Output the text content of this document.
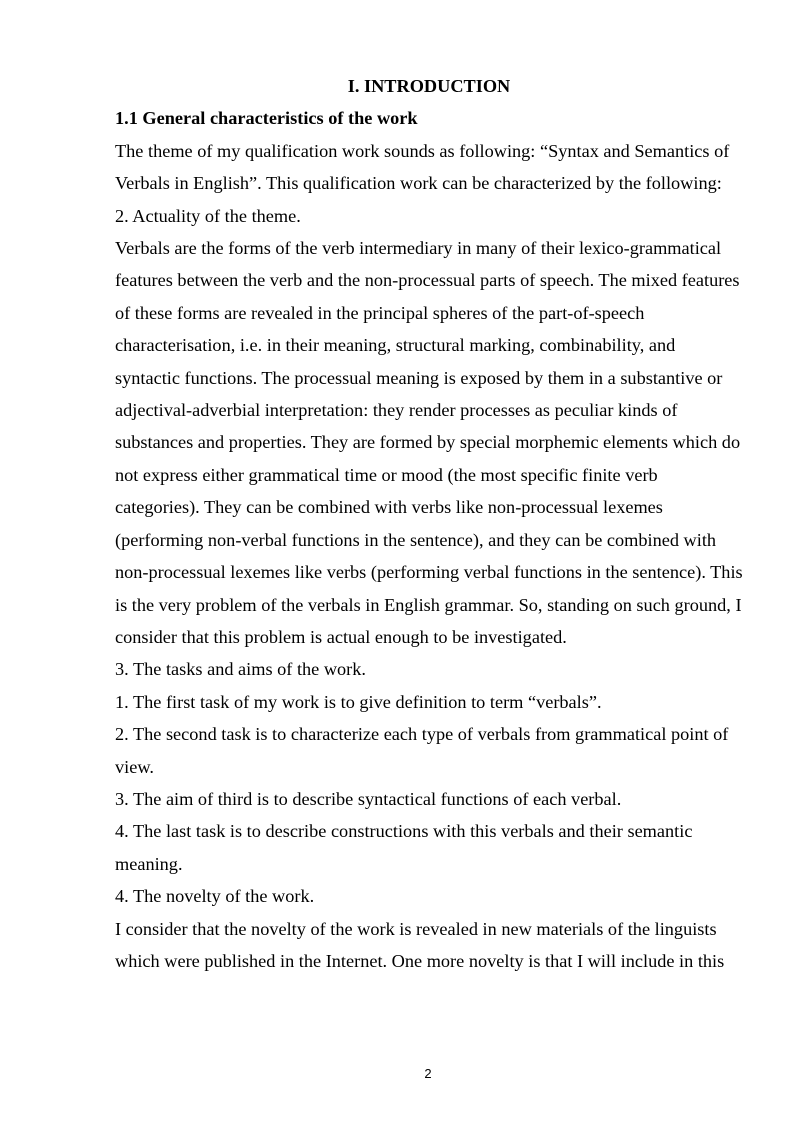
I. INTRODUCTION

1.1 General characteristics of the work

The theme of my qualification work sounds as following: “Syntax and Semantics of Verbals in English”. This qualification work can be characterized by the following:

2. Actuality of the theme.

Verbals are the forms of the verb intermediary in many of their lexico-grammatical features between the verb and the non-processual parts of speech. The mixed features of these forms are revealed in the principal spheres of the part-of-speech characterisation, i.e. in their meaning, structural marking, combinability, and syntactic functions. The processual meaning is exposed by them in a substantive or adjectival-adverbial interpretation: they render processes as peculiar kinds of substances and properties. They are formed by special morphemic elements which do not express either grammatical time or mood (the most specific finite verb categories). They can be combined with verbs like non-processual lexemes (performing non-verbal functions in the sentence), and they can be combined with non-processual lexemes like verbs (performing verbal functions in the sentence). This is the very problem of the verbals in English grammar. So, standing on such ground, I consider that this problem is actual enough to be investigated.

3. The tasks and aims of the work.

1. The first task of my work is to give definition to term “verbals”.

2. The second task is to characterize each type of verbals from grammatical point of view.

3. The aim of third is to describe syntactical functions of each verbal.

4. The last task is to describe constructions with this verbals and their semantic meaning.

4. The novelty of the work.

I consider that the novelty of the work is revealed in new materials of the linguists which were published in the Internet. One more novelty is that I will include in this

2
